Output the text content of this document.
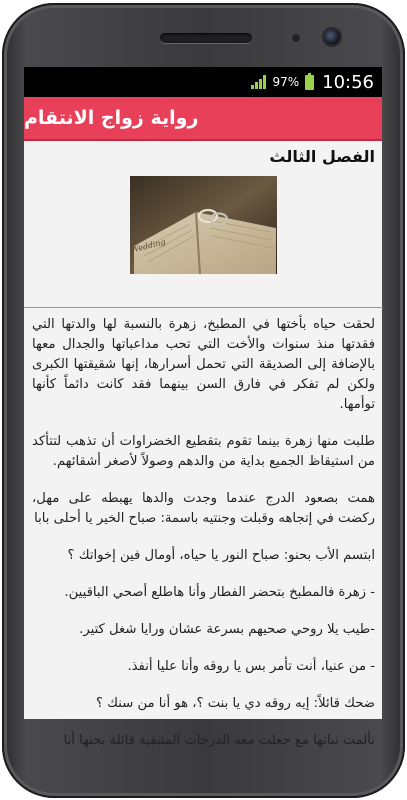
97% 10:56
رواية زواج الانتقام
الفصل الثالث
Wedding

لحقت حياه بأختها في المطبخ، زهرة بالنسبة لها والدتها التي فقدتها منذ سنوات والأخت التي تحب مداعباتها والجدال معها بالإضافة إلى الصديقة التي تحمل أسرارها، إنها شقيقتها الكبرى ولكن لم تفكر في فارق السن بينهما فقد كانت دائماً كأنها توأمها.

طلبت منها زهرة بينما تقوم بتقطيع الخضراوات أن تذهب لتتأكد من استيقاظ الجميع بداية من والدهم وصولاً لأصغر أشقائهم.

همت بصعود الدرج عندما وجدت والدها يهبطه على مهل، ركضت في إتجاهه وقبلت وجنتيه باسمة: صباح الخير يا أحلى بابا

ابتسم الأب بحنو: صباح النور يا حياه، أومال فين إخواتك ؟

- زهرة فالمطبخ بتحضر الفطار وأنا هاطلع أصحي الباقيين.

-طيب يلا روحي صحيهم بسرعة عشان ورايا شغل كتير.

- من عنيا، أنت تأمر بس يا روقه وأنا عليا أنفذ.

ضحك قائلاً: إيه روقه دي يا بنت ؟، هو أنا من سنك ؟

تألمت نباتها مع جعلت معه الدرجات المتبقية قائلة بحنها أنا
